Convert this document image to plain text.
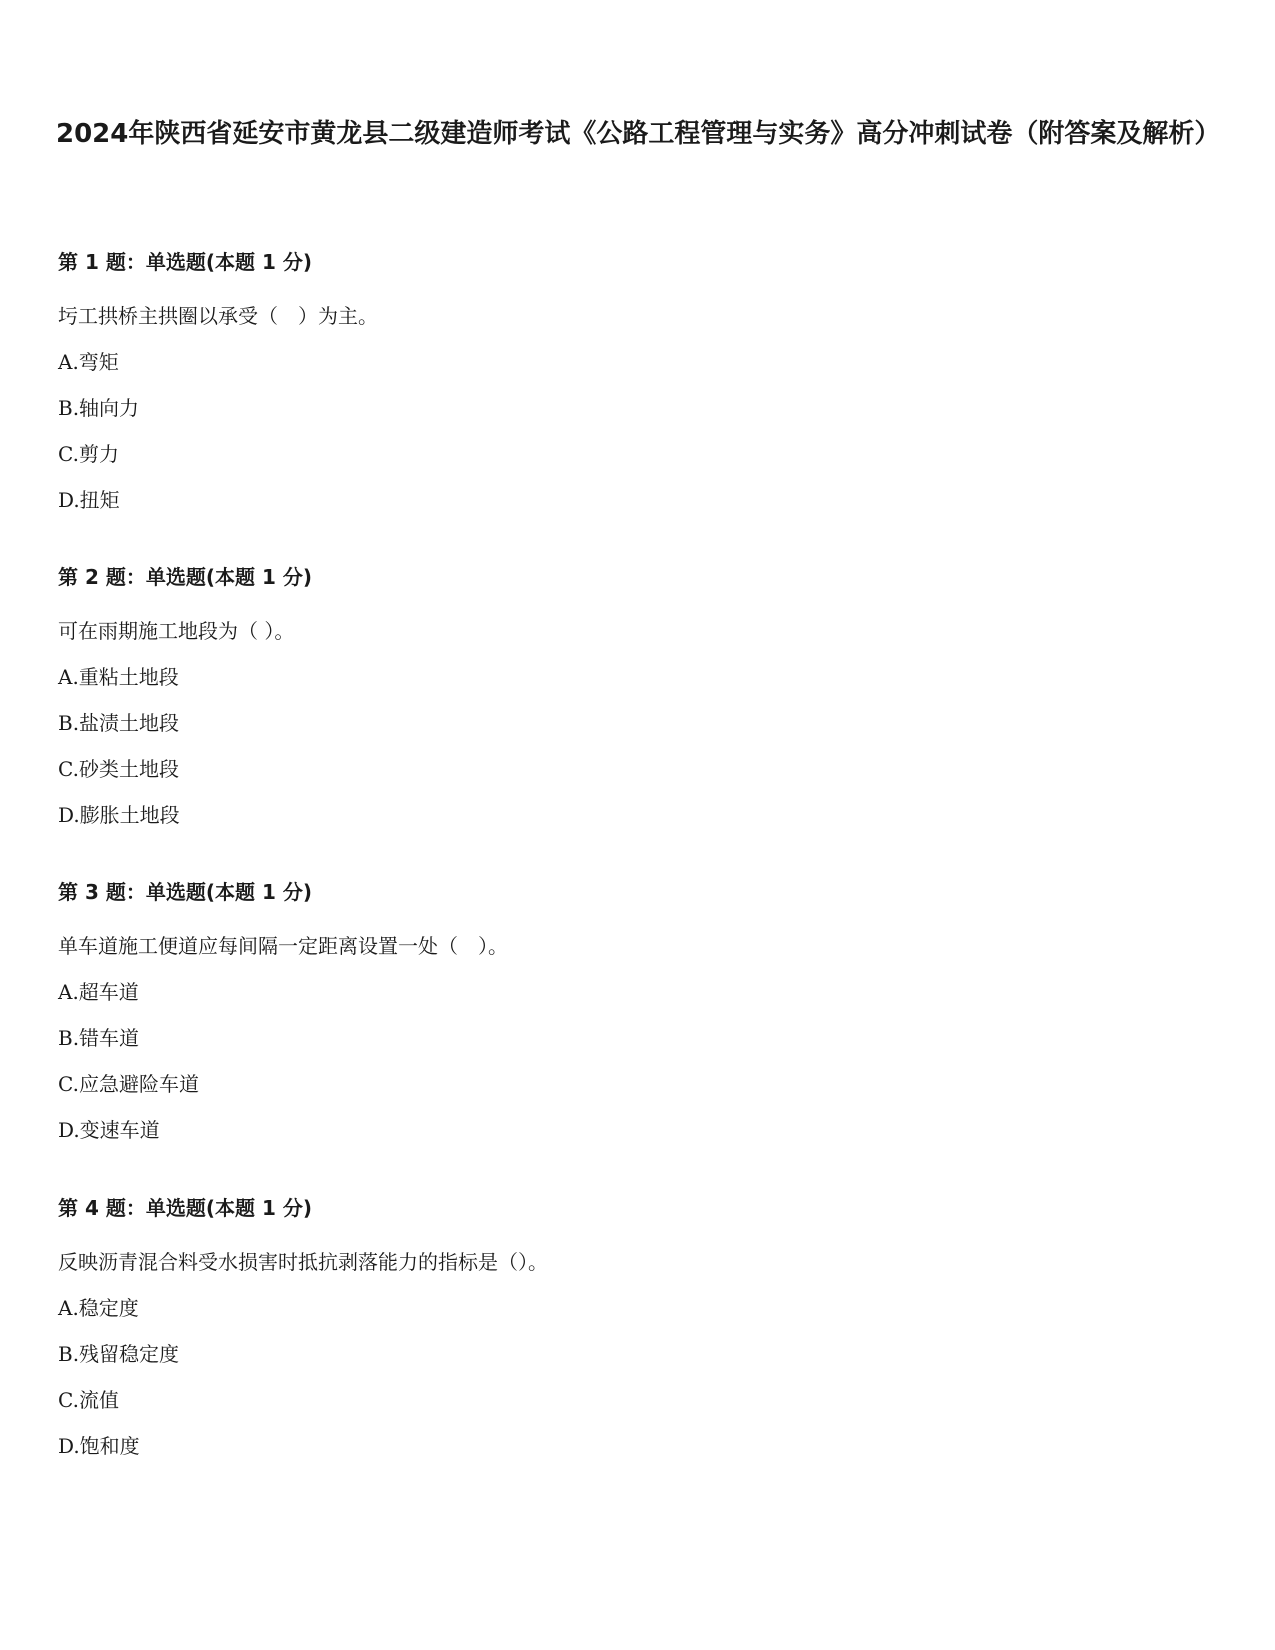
2024年陕西省延安市黄龙县二级建造师考试《公路工程管理与实务》高分冲刺试卷（附答案及解析）
第 1 题：单选题(本题 1 分)
圬工拱桥主拱圈以承受（　）为主。
A.弯矩
B.轴向力
C.剪力
D.扭矩
第 2 题：单选题(本题 1 分)
可在雨期施工地段为（ ）。
A.重粘土地段
B.盐渍土地段
C.砂类土地段
D.膨胀土地段
第 3 题：单选题(本题 1 分)
单车道施工便道应每间隔一定距离设置一处（　）。
A.超车道
B.错车道
C.应急避险车道
D.变速车道
第 4 题：单选题(本题 1 分)
反映沥青混合料受水损害时抵抗剥落能力的指标是（）。
A.稳定度
B.残留稳定度
C.流值
D.饱和度
